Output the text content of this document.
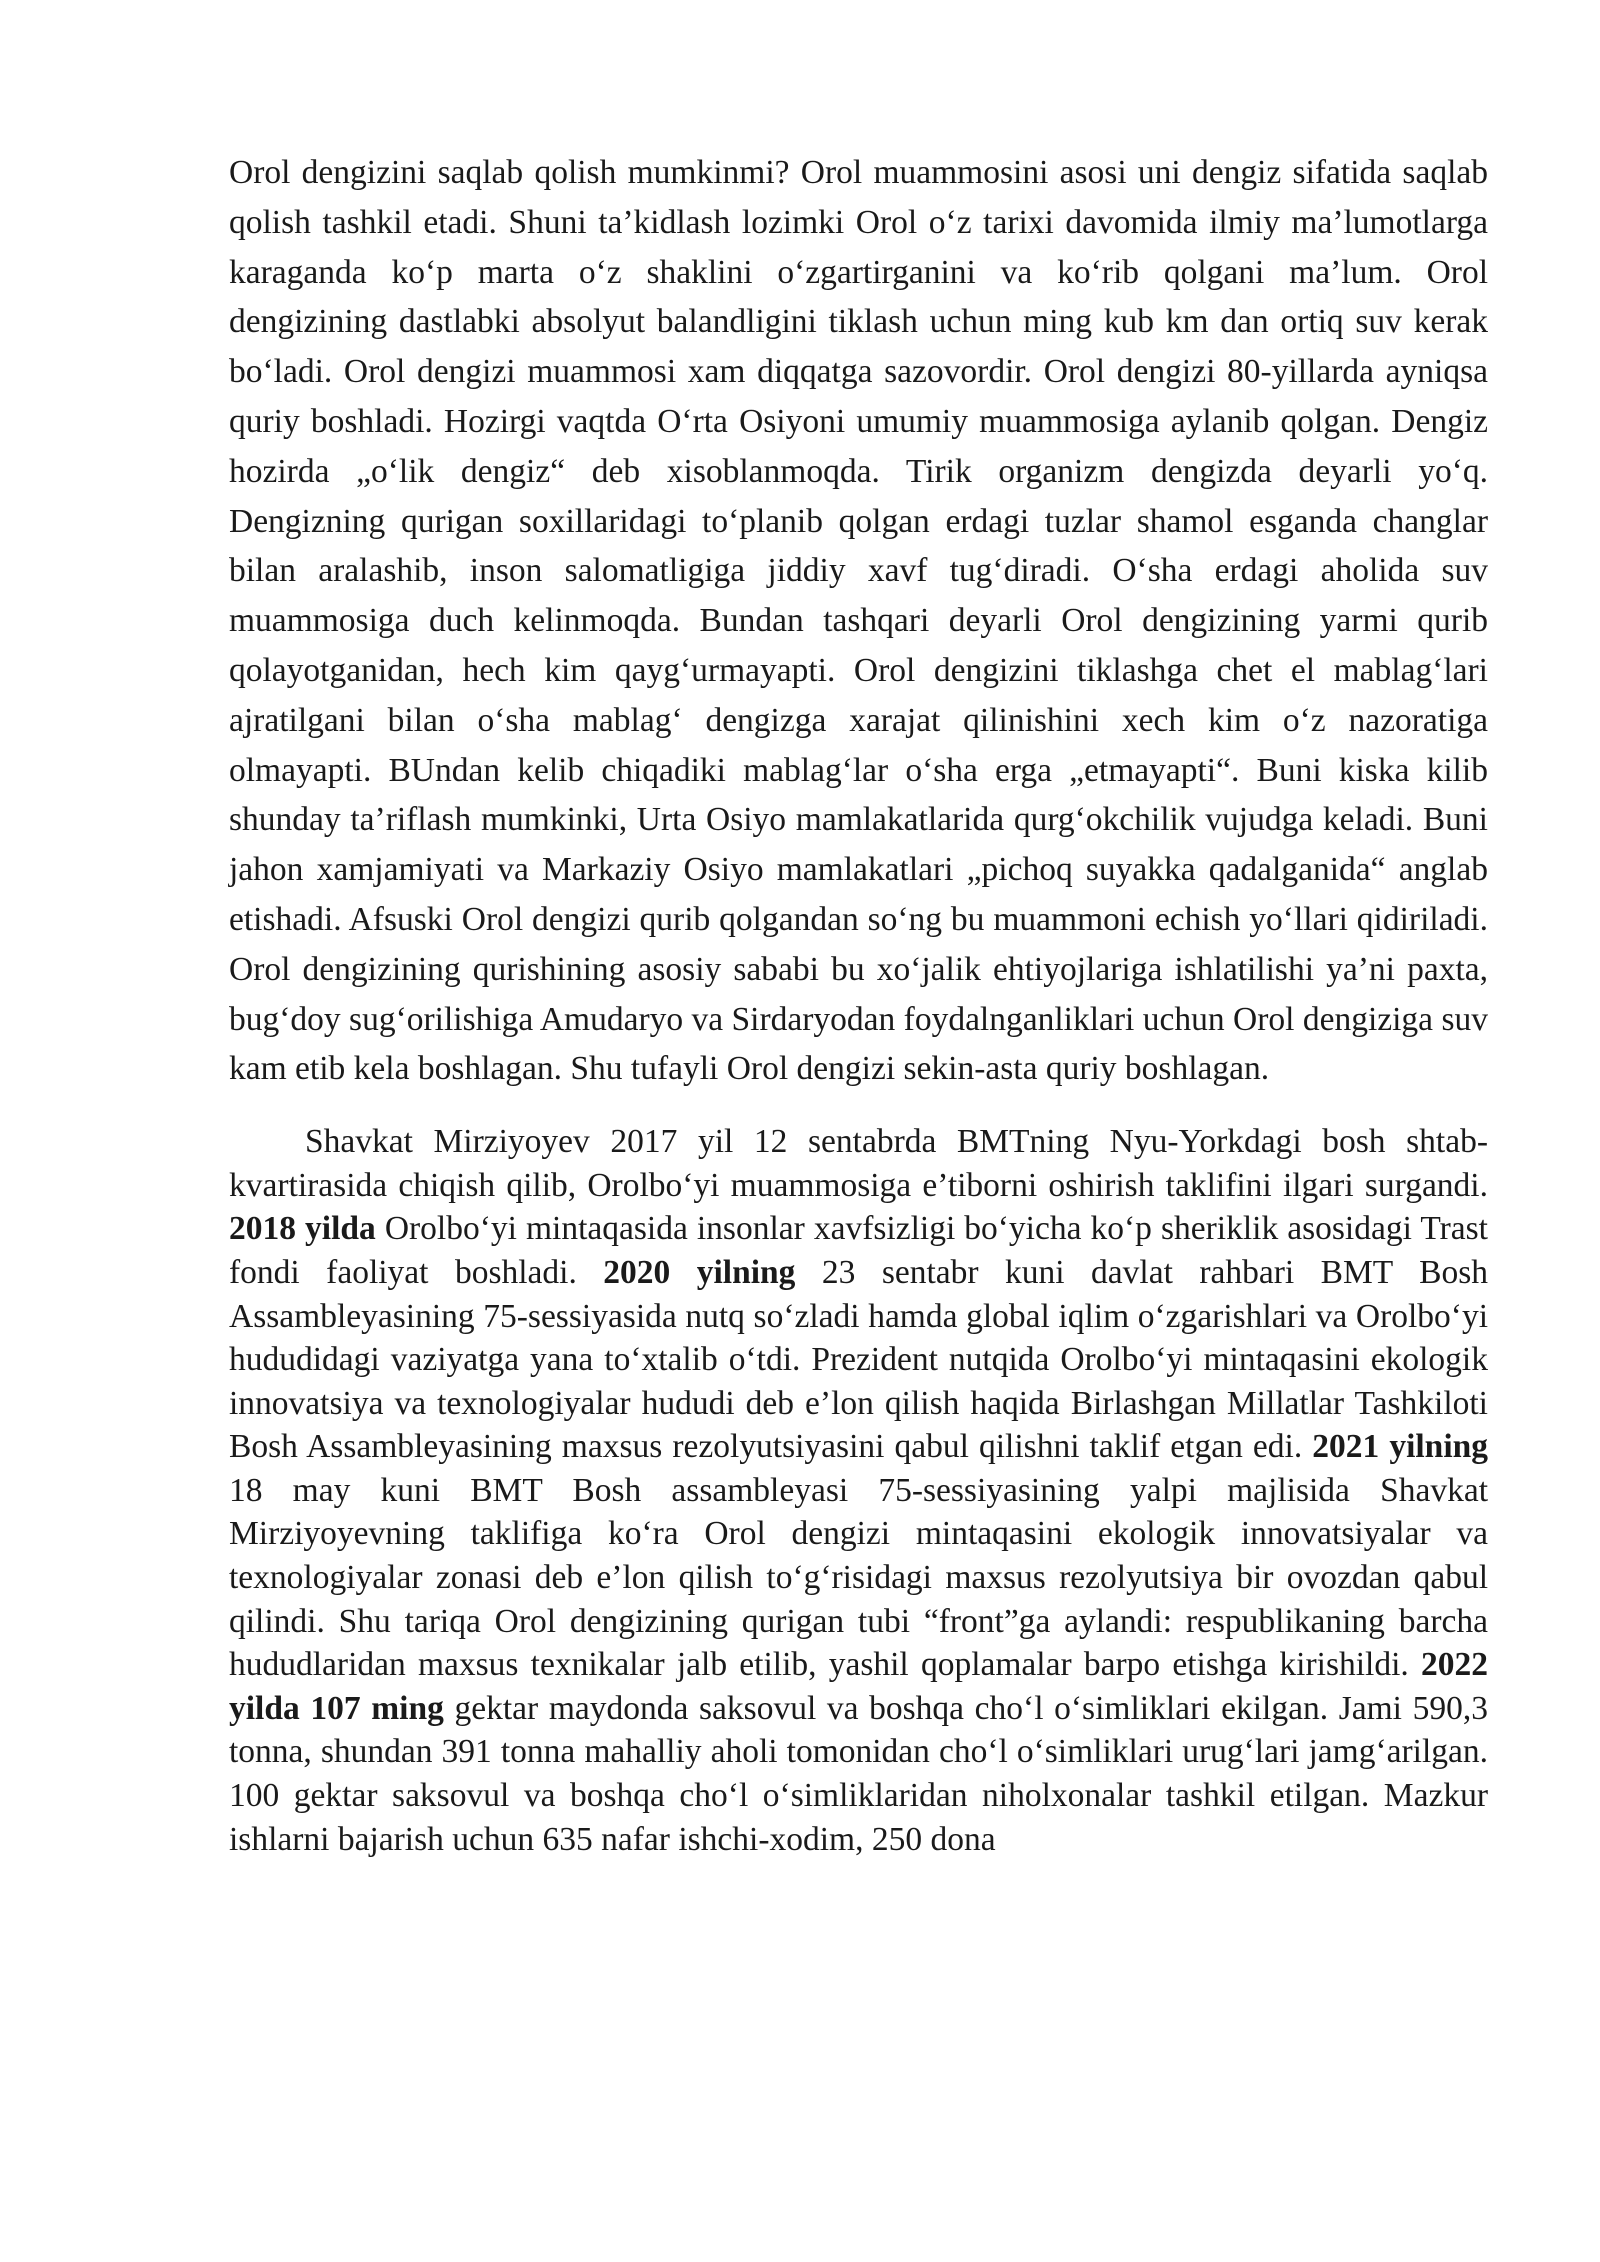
Orol dengizini saqlab qolish mumkinmi? Orol muammosini asosi uni dengiz sifatida saqlab qolish tashkil etadi. Shuni ta’kidlash lozimki Orol o‘z tarixi davomida ilmiy ma’lumotlarga karaganda ko‘p marta o‘z shaklini o‘zgartirganini va ko‘rib qolgani ma’lum. Orol dengizining dastlabki absolyut balandligini tiklash uchun ming kub km dan ortiq suv kerak bo‘ladi. Orol dengizi muammosi xam diqqatga sazovordir. Orol dengizi 80-yillarda ayniqsa quriy boshladi. Hozirgi vaqtda O‘rta Osiyoni umumiy muammosiga aylanib qolgan. Dengiz hozirda „o‘lik dengiz“ deb xisoblanmoqda. Tirik organizm dengizda deyarli yo‘q. Dengizning qurigan soxillaridagi to‘planib qolgan erdagi tuzlar shamol esganda changlar bilan aralashib, inson salomatligiga jiddiy xavf tug‘diradi. O‘sha erdagi aholida suv muammosiga duch kelinmoqda. Bundan tashqari deyarli Orol dengizining yarmi qurib qolayotganidan, hech kim qayg‘urmayapti. Orol dengizini tiklashga chet el mablag‘lari ajratilgani bilan o‘sha mablag‘ dengizga xarajat qilinishini xech kim o‘z nazoratiga olmayapti. BUndan kelib chiqadiki mablag‘lar o‘sha erga „etmayapti“. Buni kiska kilib shunday ta’riflash mumkinki, Urta Osiyo mamlakatlarida qurg‘okchilik vujudga keladi. Buni jahon xamjamiyati va Markaziy Osiyo mamlakatlari „pichoq suyakka qadalganida“ anglab etishadi. Afsuski Orol dengizi qurib qolgandan so‘ng bu muammoni echish yo‘llari qidiriladi. Orol dengizining qurishining asosiy sababi bu xo‘jalik ehtiyojlariga ishlatilishi ya’ni paxta, bug‘doy sug‘orilishiga Amudaryo va Sirdaryodan foydalnganliklari uchun Orol dengiziga suv kam etib kela boshlagan. Shu tufayli Orol dengizi sekin-asta quriy boshlagan.

Shavkat Mirziyoyev 2017 yil 12 sentabrda BMTning Nyu-Yorkdagi bosh shtab-kvartirasida chiqish qilib, Orolbo‘yi muammosiga e’tiborni oshirish taklifini ilgari surgandi. 2018 yilda Orolbo‘yi mintaqasida insonlar xavfsizligi bo‘yicha ko‘p sheriklik asosidagi Trast fondi faoliyat boshladi. 2020 yilning 23 sentabr kuni davlat rahbari BMT Bosh Assambleyasining 75-sessiyasida nutq so‘zladi hamda global iqlim o‘zgarishlari va Orolbo‘yi hududidagi vaziyatga yana to‘xtalib o‘tdi. Prezident nutqida Orolbo‘yi mintaqasini ekologik innovatsiya va texnologiyalar hududi deb e’lon qilish haqida Birlashgan Millatlar Tashkiloti Bosh Assambleyasining maxsus rezolyutsiyasini qabul qilishni taklif etgan edi. 2021 yilning 18 may kuni BMT Bosh assambleyasi 75-sessiyasining yalpi majlisida Shavkat Mirziyoyevning taklifiga ko‘ra Orol dengizi mintaqasini ekologik innovatsiyalar va texnologiyalar zonasi deb e’lon qilish to‘g‘risidagi maxsus rezolyutsiya bir ovozdan qabul qilindi. Shu tariqa Orol dengizining qurigan tubi “front”ga aylandi: respublikaning barcha hududlaridan maxsus texnikalar jalb etilib, yashil qoplamalar barpo etishga kirishildi. 2022 yilda 107 ming gektar maydonda saksovul va boshqa cho‘l o‘simliklari ekilgan. Jami 590,3 tonna, shundan 391 tonna mahalliy aholi tomonidan cho‘l o‘simliklari urug‘lari jamg‘arilgan. 100 gektar saksovul va boshqa cho‘l o‘simliklaridan niholxonalar tashkil etilgan. Mazkur ishlarni bajarish uchun 635 nafar ishchi-xodim, 250 dona
